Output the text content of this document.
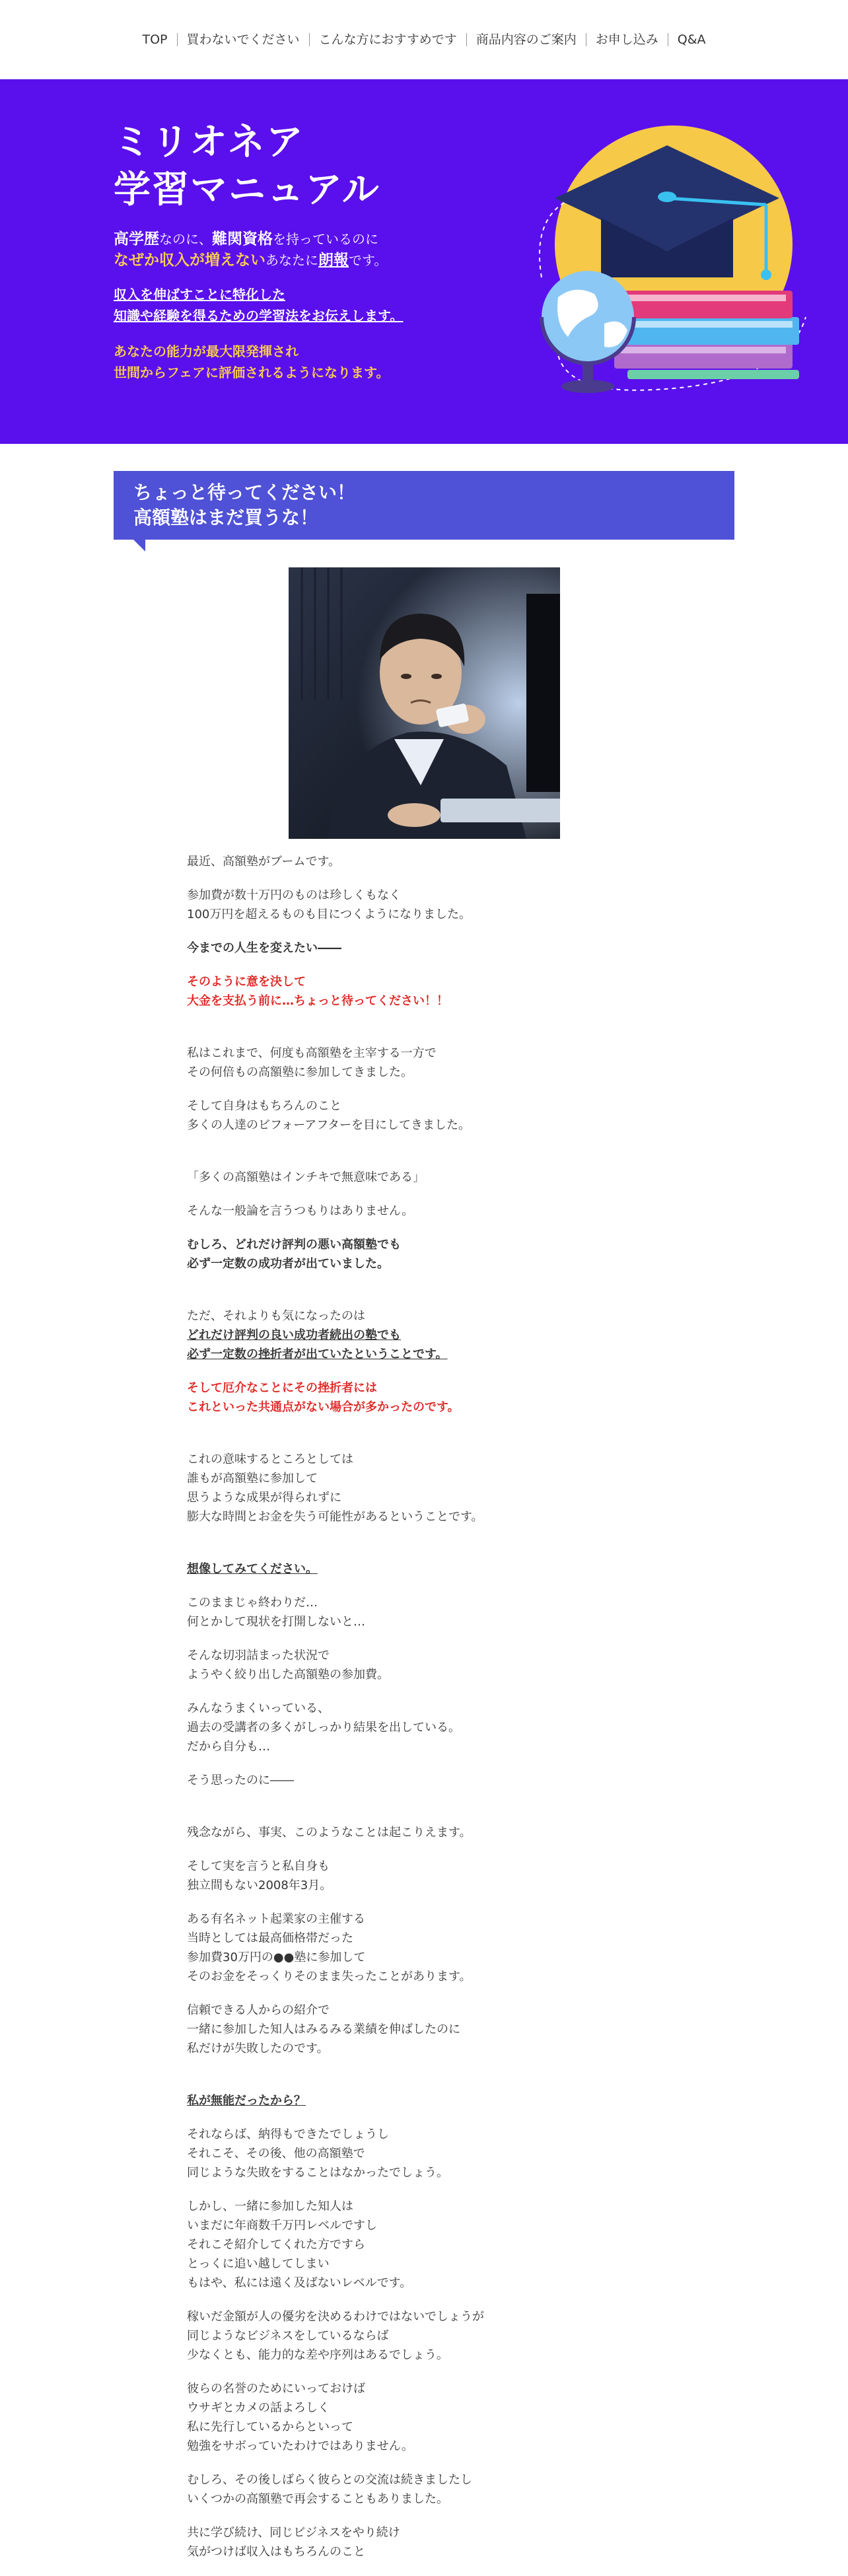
TOP	買わないでください	こんな方におすすめです	商品内容のご案内	お申し込み	Q&A
ミリオネア
学習マニュアル
高学歴なのに、難関資格を持っているのに
なぜか収入が増えないあなたに朗報です。
収入を伸ばすことに特化した
知識や経験を得るための学習法をお伝えします。
あなたの能力が最大限発揮され
世間からフェアに評価されるようになります。
ちょっと待ってください！
高額塾はまだ買うな！

最近、高額塾がブームです。

参加費が数十万円のものは珍しくもなく
100万円を超えるものも目につくようになりました。

今までの人生を変えたい――

そのように意を決して
大金を支払う前に…ちょっと待ってください！！

私はこれまで、何度も高額塾を主宰する一方で
その何倍もの高額塾に参加してきました。

そして自身はもちろんのこと
多くの人達のビフォーアフターを目にしてきました。

「多くの高額塾はインチキで無意味である」

そんな一般論を言うつもりはありません。

むしろ、どれだけ評判の悪い高額塾でも
必ず一定数の成功者が出ていました。

ただ、それよりも気になったのは
どれだけ評判の良い成功者続出の塾でも
必ず一定数の挫折者が出ていたということです。

そして厄介なことにその挫折者には
これといった共通点がない場合が多かったのです。

これの意味するところとしては
誰もが高額塾に参加して
思うような成果が得られずに
膨大な時間とお金を失う可能性があるということです。

想像してみてください。

このままじゃ終わりだ…
何とかして現状を打開しないと…

そんな切羽詰まった状況で
ようやく絞り出した高額塾の参加費。

みんなうまくいっている、
過去の受講者の多くがしっかり結果を出している。
だから自分も…

そう思ったのに――

残念ながら、事実、このようなことは起こりえます。

そして実を言うと私自身も
独立間もない2008年3月。

ある有名ネット起業家の主催する
当時としては最高価格帯だった
参加費30万円の●●塾に参加して
そのお金をそっくりそのまま失ったことがあります。

信頼できる人からの紹介で
一緒に参加した知人はみるみる業績を伸ばしたのに
私だけが失敗したのです。

私が無能だったから？

それならば、納得もできたでしょうし
それこそ、その後、他の高額塾で
同じような失敗をすることはなかったでしょう。

しかし、一緒に参加した知人は
いまだに年商数千万円レベルですし
それこそ紹介してくれた方ですら
とっくに追い越してしまい
もはや、私には遠く及ばないレベルです。

稼いだ金額が人の優劣を決めるわけではないでしょうが
同じようなビジネスをしているならば
少なくとも、能力的な差や序列はあるでしょう。

彼らの名誉のためにいっておけば
ウサギとカメの話よろしく
私に先行しているからといって
勉強をサボっていたわけではありません。

むしろ、その後しばらく彼らとの交流は続きましたし
いくつかの高額塾で再会することもありました。

共に学び続け、同じビジネスをやり続け
気がつけば収入はもちろんのこと
